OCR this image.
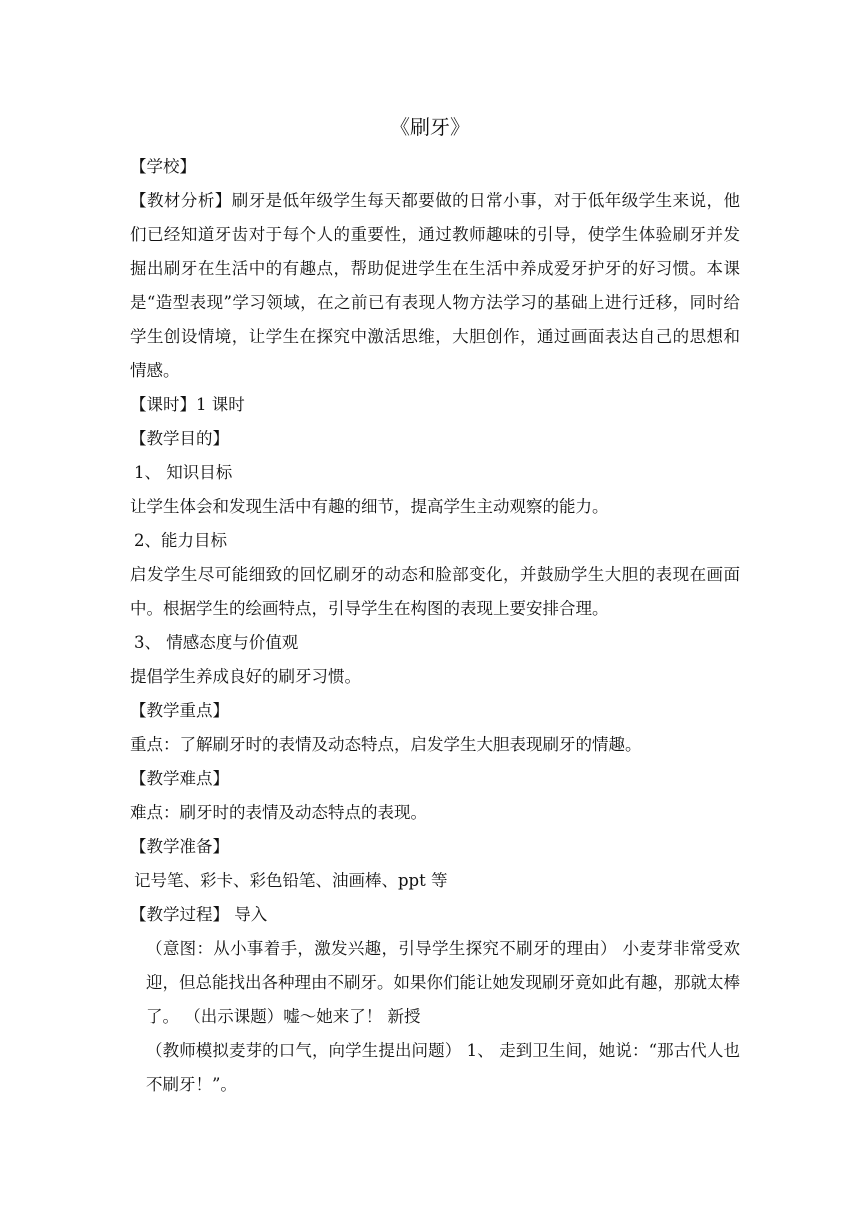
《刷牙》

【学校】

【教材分析】刷牙是低年级学生每天都要做的日常小事，对于低年级学生来说，他们已经知道牙齿对于每个人的重要性，通过教师趣味的引导，使学生体验刷牙并发掘出刷牙在生活中的有趣点，帮助促进学生在生活中养成爱牙护牙的好习惯。本课是“造型表现”学习领域，在之前已有表现人物方法学习的基础上进行迁移，同时给学生创设情境，让学生在探究中激活思维，大胆创作，通过画面表达自己的思想和情感。

【课时】1 课时

【教学目的】

1、 知识目标

让学生体会和发现生活中有趣的细节，提高学生主动观察的能力。

2、能力目标

启发学生尽可能细致的回忆刷牙的动态和脸部变化，并鼓励学生大胆的表现在画面中。根据学生的绘画特点，引导学生在构图的表现上要安排合理。

3、 情感态度与价值观

提倡学生养成良好的刷牙习惯。

【教学重点】

重点：了解刷牙时的表情及动态特点，启发学生大胆表现刷牙的情趣。

【教学难点】

难点：刷牙时的表情及动态特点的表现。

【教学准备】

记号笔、彩卡、彩色铅笔、油画棒、ppt 等

【教学过程】 导入

（意图：从小事着手，激发兴趣，引导学生探究不刷牙的理由） 小麦芽非常受欢迎，但总能找出各种理由不刷牙。如果你们能让她发现刷牙竟如此有趣，那就太棒了。 （出示课题）嘘～她来了！ 新授

（教师模拟麦芽的口气，向学生提出问题） 1、 走到卫生间，她说：“那古代人也不刷牙！”。
